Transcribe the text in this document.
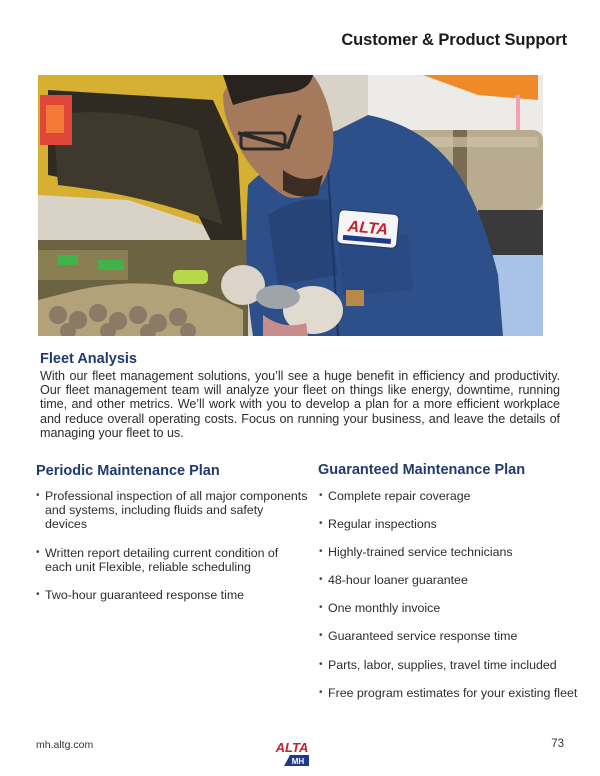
Customer & Product Support
ALTA
Fleet Analysis

With our fleet management solutions, you’ll see a huge benefit in efficiency and productivity. Our fleet management team will analyze your fleet on things like energy, downtime, running time, and other metrics. We’ll work with you to develop a plan for a more efficient workplace and reduce overall operating costs. Focus on running your business, and leave the details of managing your fleet to us.

Periodic Maintenance Plan
• Professional inspection of all major components and systems, including fluids and safety devices
• Written report detailing current condition of each unit Flexible, reliable scheduling
• Two-hour guaranteed response time
Guaranteed Maintenance Plan
• Complete repair coverage
• Regular inspections
• Highly-trained service technicians
• 48-hour loaner guarantee
• One monthly invoice
• Guaranteed service response time
• Parts, labor, supplies, travel time included
• Free program estimates for your existing fleet
mh.altg.com	ALTA
MH
73
